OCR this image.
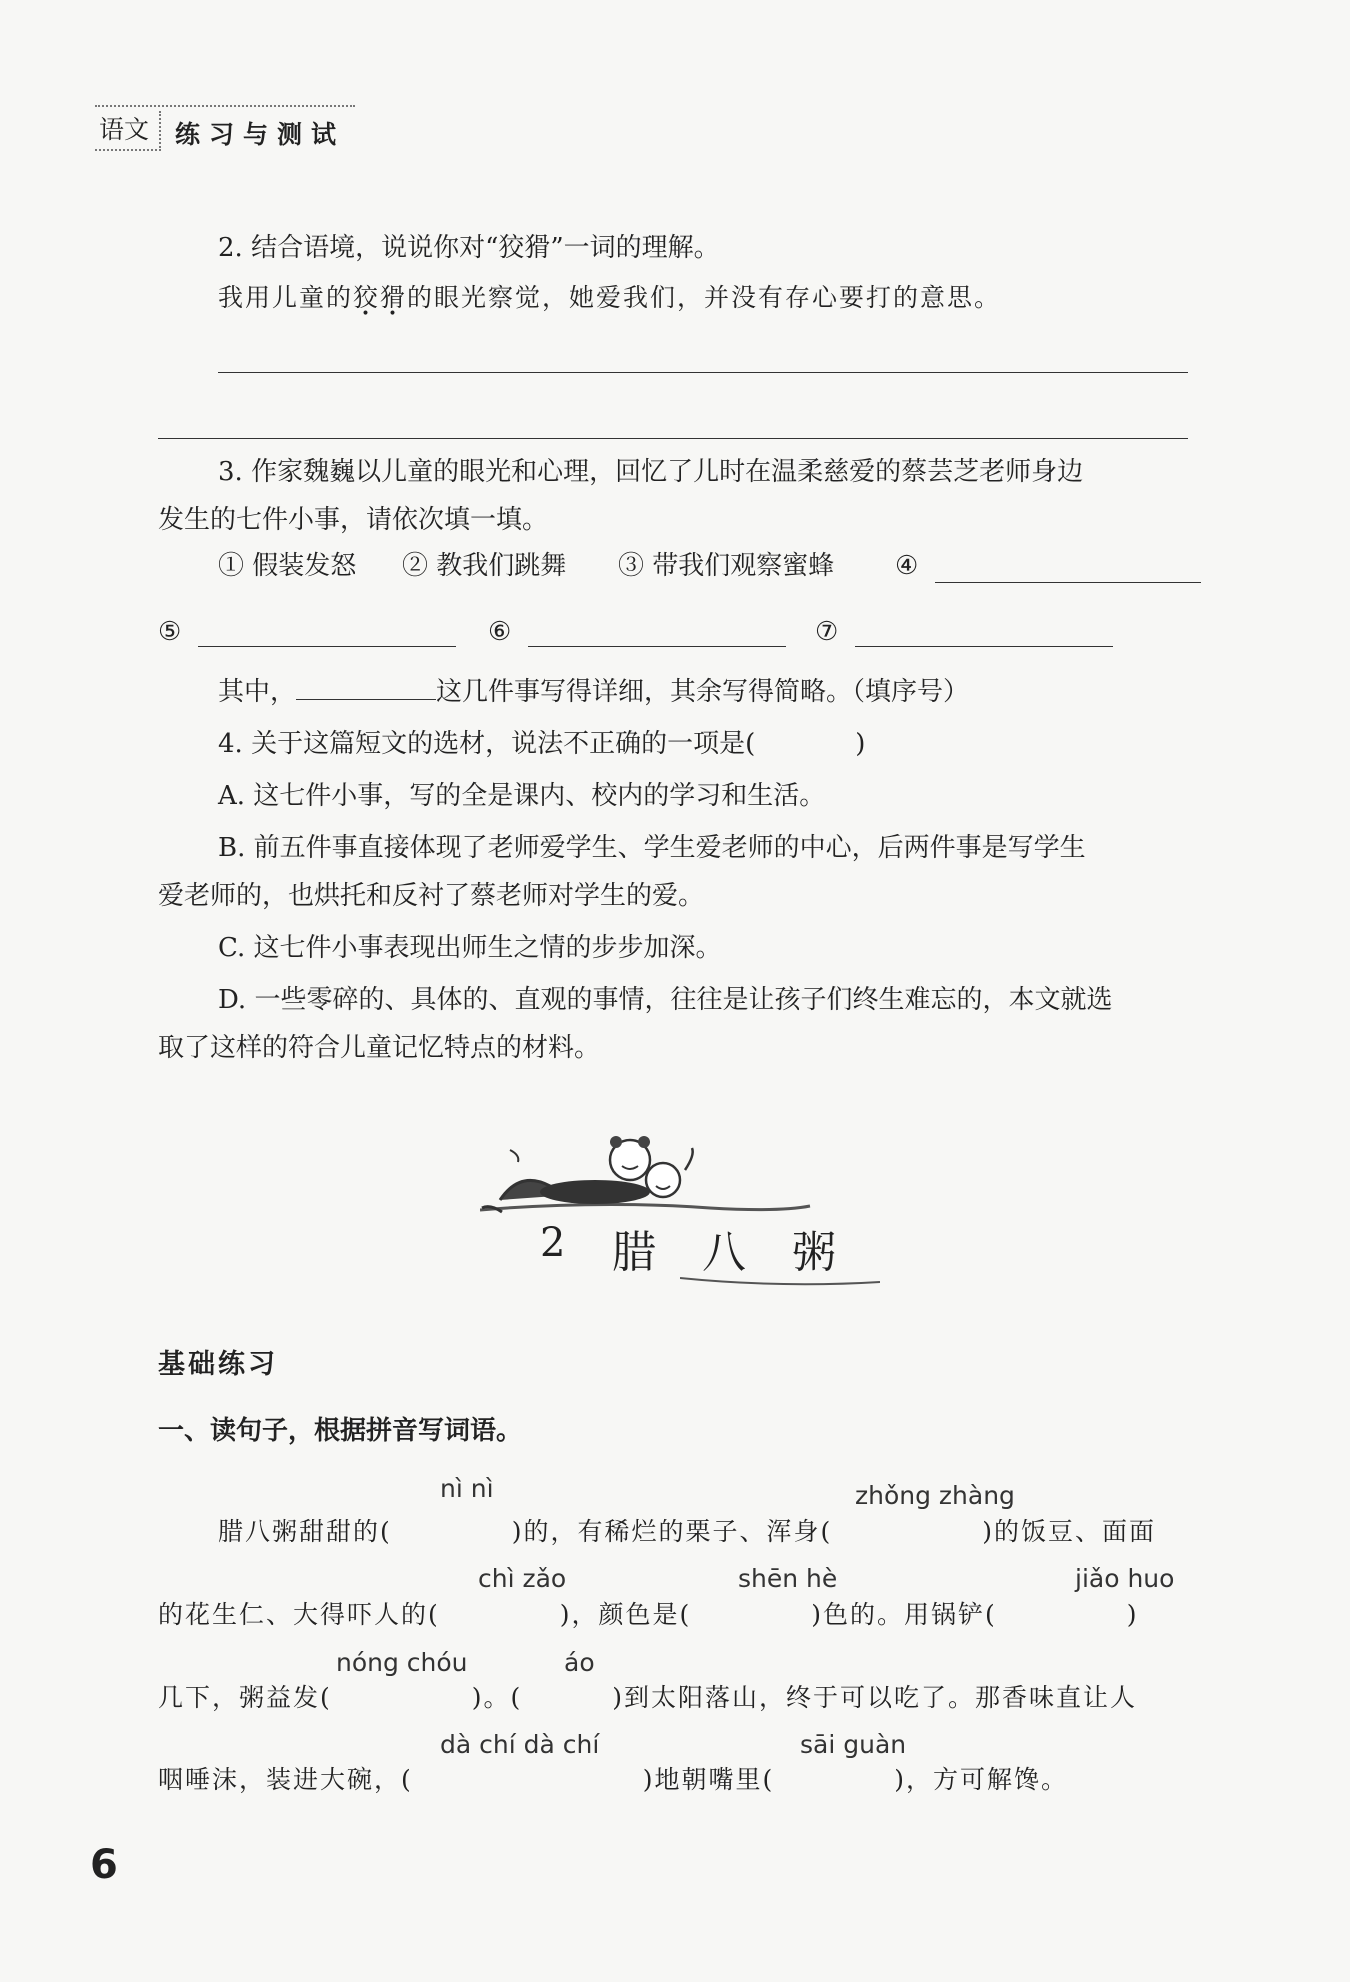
语文	练习与测试
2. 结合语境，说说你对“狡猾”一词的理解。
我用儿童的狡猾的眼光察觉，她爱我们，并没有存心要打的意思。
3. 作家魏巍以儿童的眼光和心理，回忆了儿时在温柔慈爱的蔡芸芝老师身边
发生的七件小事，请依次填一填。
① 假装发怒 ② 教我们跳舞 ③ 带我们观察蜜蜂 ④
⑤	⑥	⑦
其中，	这几件事写得详细，其余写得简略。（填序号）
4. 关于这篇短文的选材，说法不正确的一项是(	)
A. 这七件小事，写的全是课内、校内的学习和生活。
B. 前五件事直接体现了老师爱学生、学生爱老师的中心，后两件事是写学生
爱老师的，也烘托和反衬了蔡老师对学生的爱。
C. 这七件小事表现出师生之情的步步加深。
D. 一些零碎的、具体的、直观的事情，往往是让孩子们终生难忘的，本文就选
取了这样的符合儿童记忆特点的材料。
2 腊 八 粥
基础练习
一、读句子，根据拼音写词语。
nì nì	zhǒng zhàng
chì zǎo	shēn hè	jiǎo huo
nóng chóu	áo
dà chí dà chí	sāi guàn
腊八粥甜甜的(	)的，有稀烂的栗子、浑身(	)的饭豆、面面
的花生仁、大得吓人的(	)，颜色是(	)色的。用锅铲(	)
几下，粥益发(	)。(	)到太阳落山，终于可以吃了。那香味直让人
咽唾沫，装进大碗，(	)地朝嘴里(	)，方可解馋。
6
